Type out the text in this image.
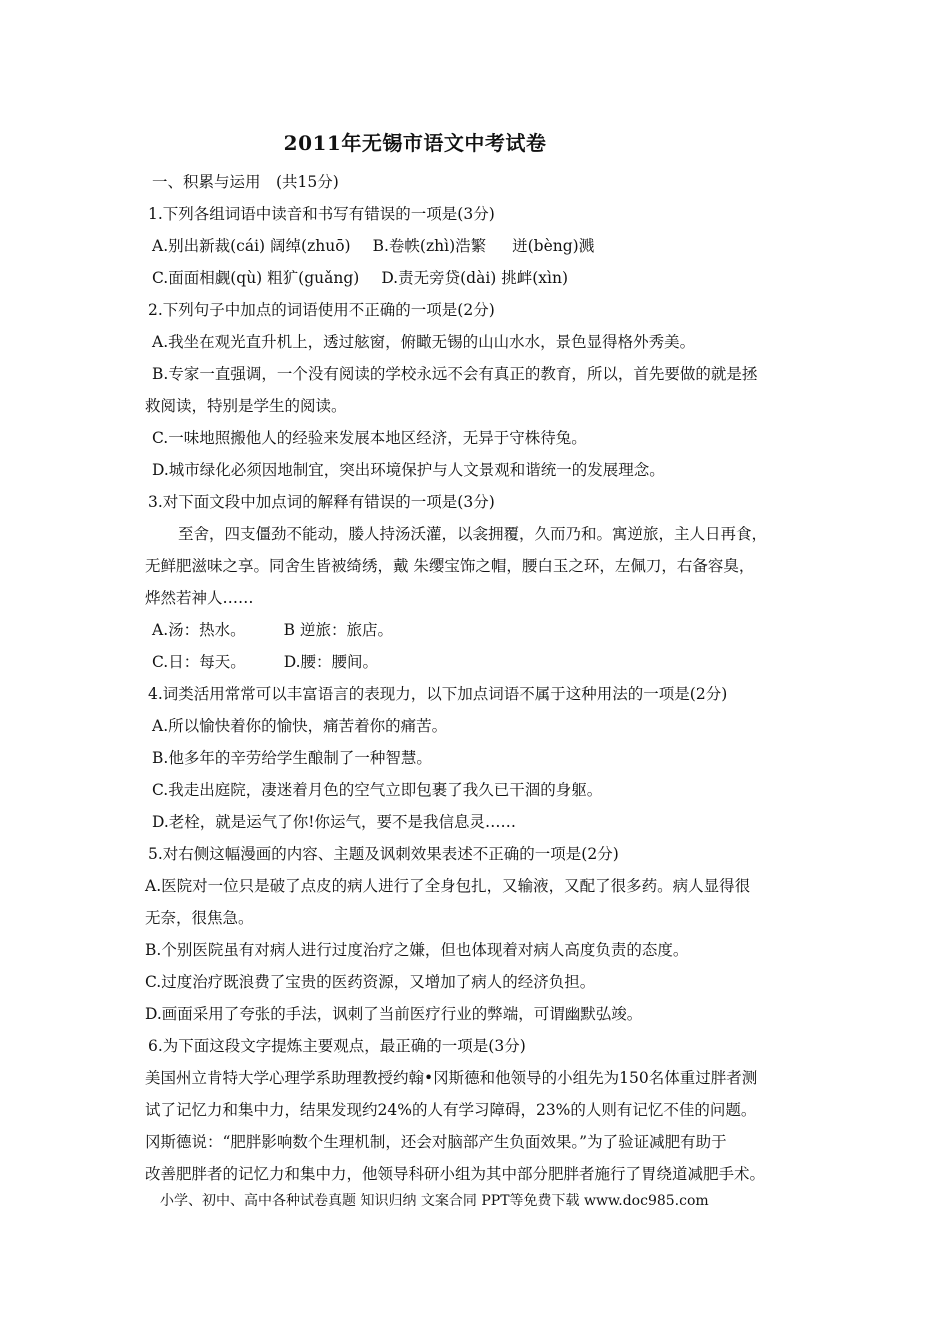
2011年无锡市语文中考试卷
一、积累与运用　(共15分)
1.下列各组词语中读音和书写有错误的一项是(3分)
A.别出新裁(cái) 阔绰(zhuō) B.卷帙(zhì)浩繁 迸(bèng)溅
C.面面相觑(qù) 粗犷(guǎng) D.责无旁贷(dài) 挑衅(xìn)
2.下列句子中加点的词语使用不正确的一项是(2分)
A.我坐在观光直升机上，透过舷窗，俯瞰无锡的山山水水，景色显得格外秀美。
B.专家一直强调，一个没有阅读的学校永远不会有真正的教育，所以，首先要做的就是拯
救阅读，特别是学生的阅读。
C.一味地照搬他人的经验来发展本地区经济，无异于守株待兔。
D.城市绿化必须因地制宜，突出环境保护与人文景观和谐统一的发展理念。
3.对下面文段中加点词的解释有错误的一项是(3分)
至舍，四支僵劲不能动，媵人持汤沃灌，以衾拥覆，久而乃和。寓逆旅，主人日再食，
无鲜肥滋味之享。同舍生皆被绮绣，戴 朱缨宝饰之帽，腰白玉之环，左佩刀，右备容臭，
烨然若神人……
A.汤：热水。 B 逆旅：旅店。
C.日：每天。 D.腰：腰间。
4.词类活用常常可以丰富语言的表现力，以下加点词语不属于这种用法的一项是(2分)
A.所以愉快着你的愉快，痛苦着你的痛苦。
B.他多年的辛劳给学生酿制了一种智慧。
C.我走出庭院，凄迷着月色的空气立即包裹了我久已干涸的身躯。
D.老栓，就是运气了你!你运气，要不是我信息灵……
5.对右侧这幅漫画的内容、主题及讽刺效果表述不正确的一项是(2分)
A.医院对一位只是破了点皮的病人进行了全身包扎，又输液，又配了很多药。病人显得很
无奈，很焦急。
B.个别医院虽有对病人进行过度治疗之嫌，但也体现着对病人高度负责的态度。
C.过度治疗既浪费了宝贵的医药资源，又增加了病人的经济负担。
D.画面采用了夸张的手法，讽刺了当前医疗行业的弊端，可谓幽默弘竣。
6.为下面这段文字提炼主要观点，最正确的一项是(3分)
美国州立肯特大学心理学系助理教授约翰•冈斯德和他领导的小组先为150名体重过胖者测
试了记忆力和集中力，结果发现约24%的人有学习障碍，23%的人则有记忆不佳的问题。
冈斯德说：“肥胖影响数个生理机制，还会对脑部产生负面效果。”为了验证减肥有助于
改善肥胖者的记忆力和集中力，他领导科研小组为其中部分肥胖者施行了胃绕道减肥手术。
小学、初中、高中各种试卷真题 知识归纳 文案合同 PPT等免费下载 www.doc985.com
